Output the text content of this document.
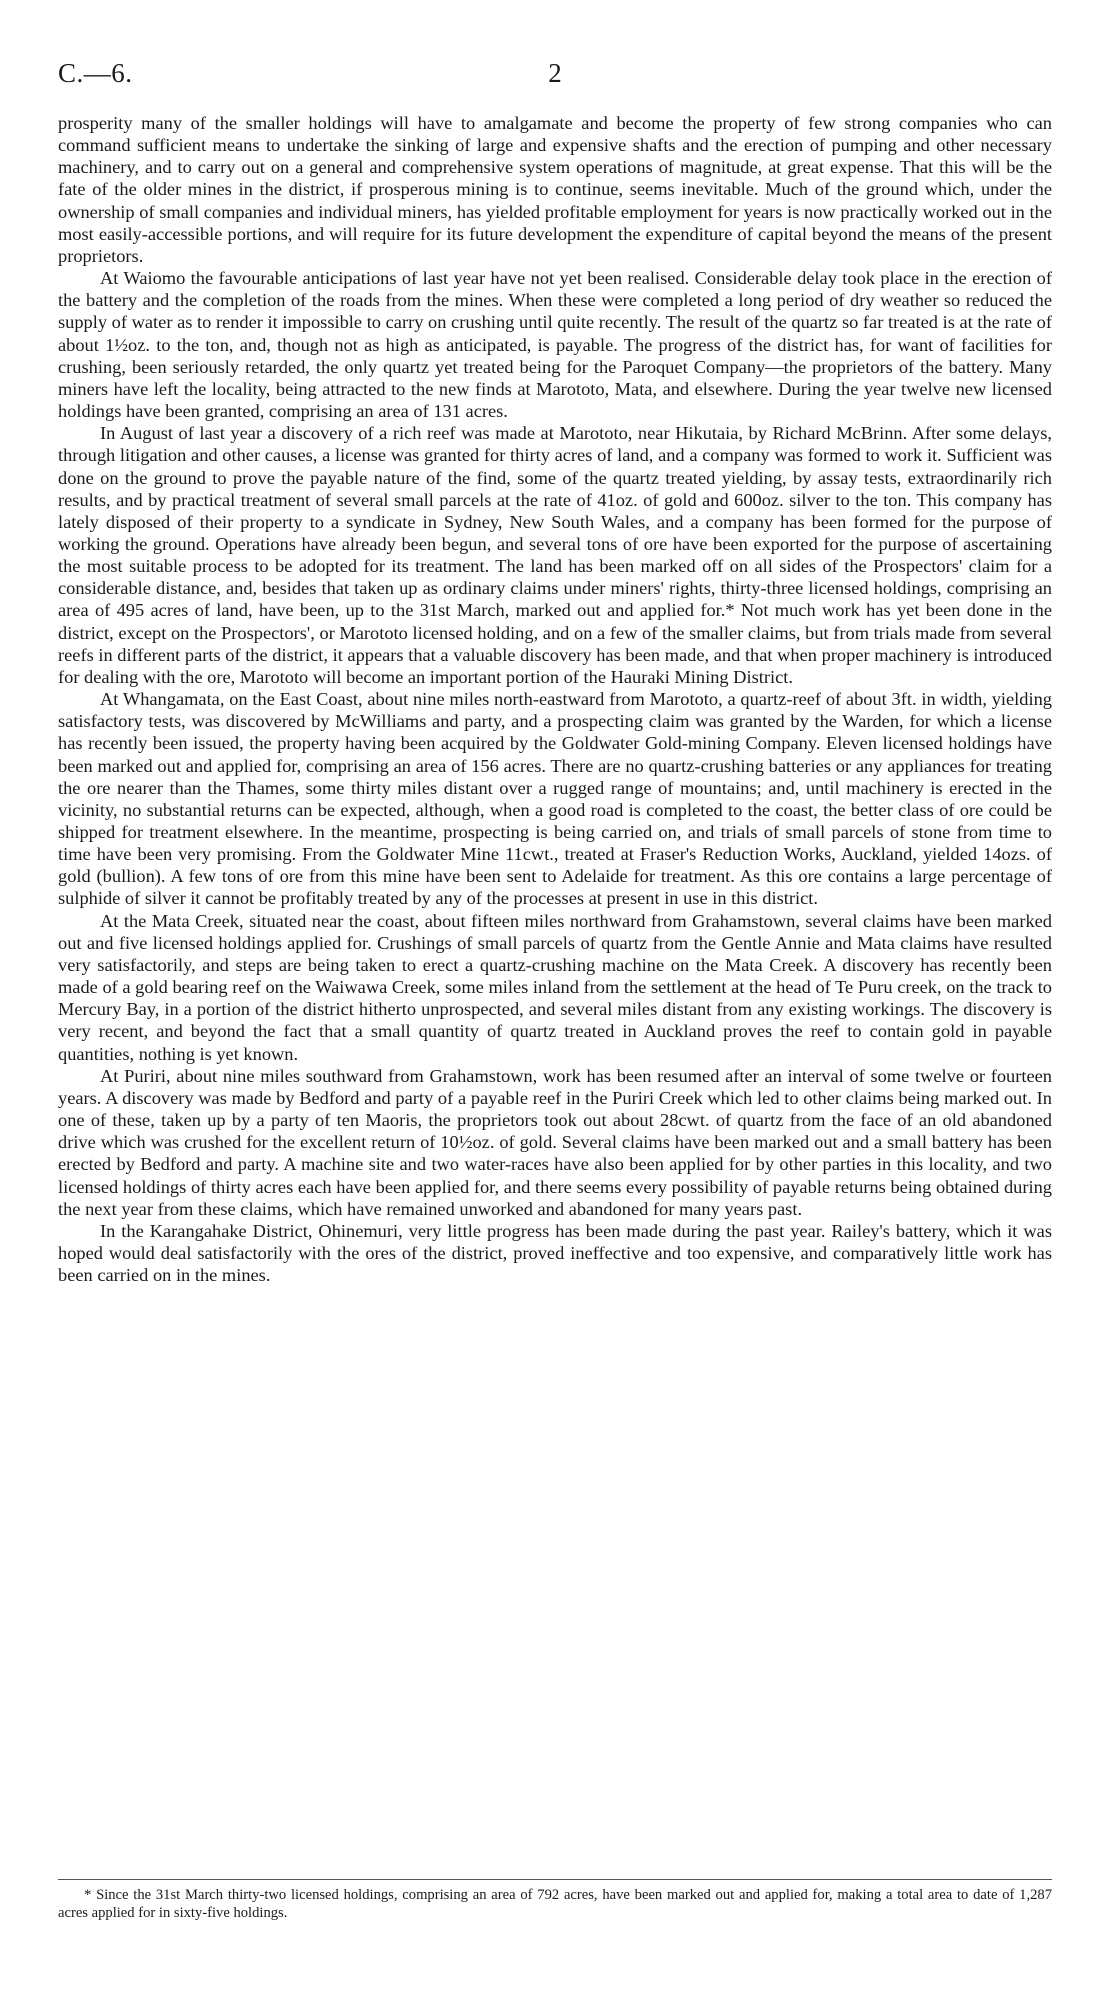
C.—6.	2

prosperity many of the smaller holdings will have to amalgamate and become the property of few strong companies who can command sufficient means to undertake the sinking of large and expensive shafts and the erection of pumping and other necessary machinery, and to carry out on a general and comprehensive system operations of magnitude, at great expense. That this will be the fate of the older mines in the district, if prosperous mining is to continue, seems inevitable. Much of the ground which, under the ownership of small companies and individual miners, has yielded profitable employment for years is now practically worked out in the most easily-accessible portions, and will require for its future development the expenditure of capital beyond the means of the present proprietors.

At Waiomo the favourable anticipations of last year have not yet been realised. Considerable delay took place in the erection of the battery and the completion of the roads from the mines. When these were completed a long period of dry weather so reduced the supply of water as to render it impossible to carry on crushing until quite recently. The result of the quartz so far treated is at the rate of about 1½oz. to the ton, and, though not as high as anticipated, is payable. The progress of the district has, for want of facilities for crushing, been seriously retarded, the only quartz yet treated being for the Paroquet Company—the proprietors of the battery. Many miners have left the locality, being attracted to the new finds at Marototo, Mata, and elsewhere. During the year twelve new licensed holdings have been granted, comprising an area of 131 acres.

In August of last year a discovery of a rich reef was made at Marototo, near Hikutaia, by Richard McBrinn. After some delays, through litigation and other causes, a license was granted for thirty acres of land, and a company was formed to work it. Sufficient was done on the ground to prove the payable nature of the find, some of the quartz treated yielding, by assay tests, extraordinarily rich results, and by practical treatment of several small parcels at the rate of 41oz. of gold and 600oz. silver to the ton. This company has lately disposed of their property to a syndicate in Sydney, New South Wales, and a company has been formed for the purpose of working the ground. Operations have already been begun, and several tons of ore have been exported for the purpose of ascertaining the most suitable process to be adopted for its treatment. The land has been marked off on all sides of the Prospectors' claim for a considerable distance, and, besides that taken up as ordinary claims under miners' rights, thirty-three licensed holdings, comprising an area of 495 acres of land, have been, up to the 31st March, marked out and applied for.* Not much work has yet been done in the district, except on the Prospectors', or Marototo licensed holding, and on a few of the smaller claims, but from trials made from several reefs in different parts of the district, it appears that a valuable discovery has been made, and that when proper machinery is introduced for dealing with the ore, Marototo will become an important portion of the Hauraki Mining District.

At Whangamata, on the East Coast, about nine miles north-eastward from Marototo, a quartz-reef of about 3ft. in width, yielding satisfactory tests, was discovered by McWilliams and party, and a prospecting claim was granted by the Warden, for which a license has recently been issued, the property having been acquired by the Goldwater Gold-mining Company. Eleven licensed holdings have been marked out and applied for, comprising an area of 156 acres. There are no quartz-crushing batteries or any appliances for treating the ore nearer than the Thames, some thirty miles distant over a rugged range of mountains; and, until machinery is erected in the vicinity, no substantial returns can be expected, although, when a good road is completed to the coast, the better class of ore could be shipped for treatment elsewhere. In the meantime, prospecting is being carried on, and trials of small parcels of stone from time to time have been very promising. From the Goldwater Mine 11cwt., treated at Fraser's Reduction Works, Auckland, yielded 14ozs. of gold (bullion). A few tons of ore from this mine have been sent to Adelaide for treatment. As this ore contains a large percentage of sulphide of silver it cannot be profitably treated by any of the processes at present in use in this district.

At the Mata Creek, situated near the coast, about fifteen miles northward from Grahamstown, several claims have been marked out and five licensed holdings applied for. Crushings of small parcels of quartz from the Gentle Annie and Mata claims have resulted very satisfactorily, and steps are being taken to erect a quartz-crushing machine on the Mata Creek. A discovery has recently been made of a gold bearing reef on the Waiwawa Creek, some miles inland from the settlement at the head of Te Puru creek, on the track to Mercury Bay, in a portion of the district hitherto unprospected, and several miles distant from any existing workings. The discovery is very recent, and beyond the fact that a small quantity of quartz treated in Auckland proves the reef to contain gold in payable quantities, nothing is yet known.

At Puriri, about nine miles southward from Grahamstown, work has been resumed after an interval of some twelve or fourteen years. A discovery was made by Bedford and party of a payable reef in the Puriri Creek which led to other claims being marked out. In one of these, taken up by a party of ten Maoris, the proprietors took out about 28cwt. of quartz from the face of an old abandoned drive which was crushed for the excellent return of 10½oz. of gold. Several claims have been marked out and a small battery has been erected by Bedford and party. A machine site and two water-races have also been applied for by other parties in this locality, and two licensed holdings of thirty acres each have been applied for, and there seems every possibility of payable returns being obtained during the next year from these claims, which have remained unworked and abandoned for many years past.

In the Karangahake District, Ohinemuri, very little progress has been made during the past year. Railey's battery, which it was hoped would deal satisfactorily with the ores of the district, proved ineffective and too expensive, and comparatively little work has been carried on in the mines.

* Since the 31st March thirty-two licensed holdings, comprising an area of 792 acres, have been marked out and applied for, making a total area to date of 1,287 acres applied for in sixty-five holdings.
